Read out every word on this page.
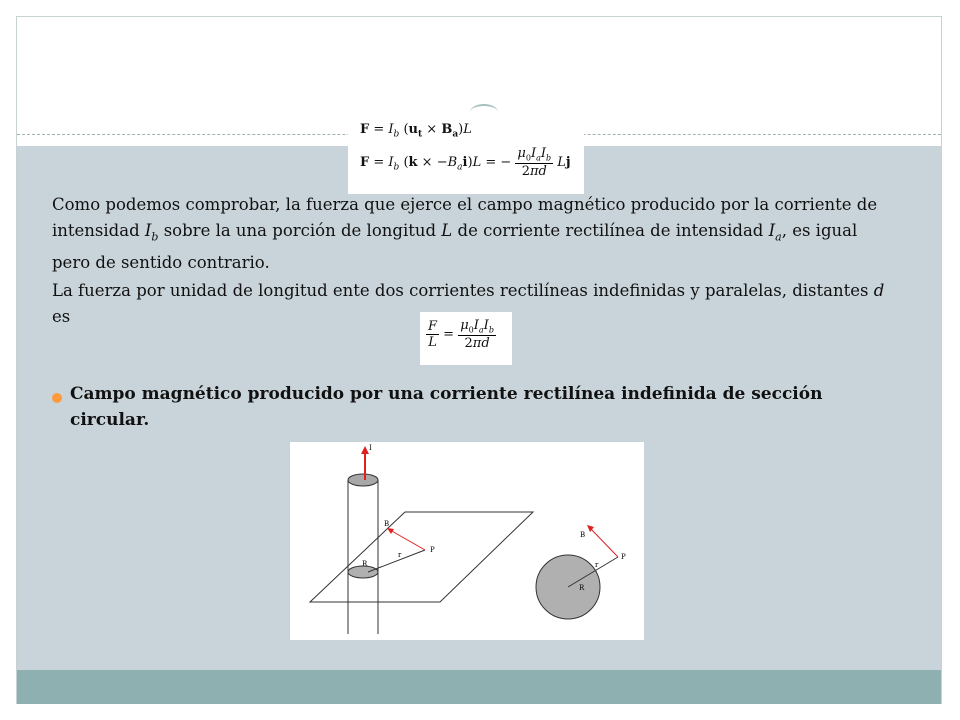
$F = I_b$ $(u_t \times B_a)L$
$F = I_b$ $(k \times -B_ai)L$ = − $\frac{\mu_0I_aI_b}{2\pi d}$ Lj
Como podemos comprobar, la fuerza que ejerce el campo magnético producido por la corriente de intensidad $I_b$ sobre la una porción de longitud L de corriente rectilínea de intensidad $I_a$, es igual pero de sentido contrario.
La fuerza por unidad de longitud ente dos corrientes rectilíneas indefinidas y paralelas, distantes d es
$\frac{F}{L} = \frac{\mu_0I_aI_b}{2\pi d}$
Campo magnético producido por una corriente rectilínea indefinida de sección circular.
I
r
P
R
B
r
P
R
B
